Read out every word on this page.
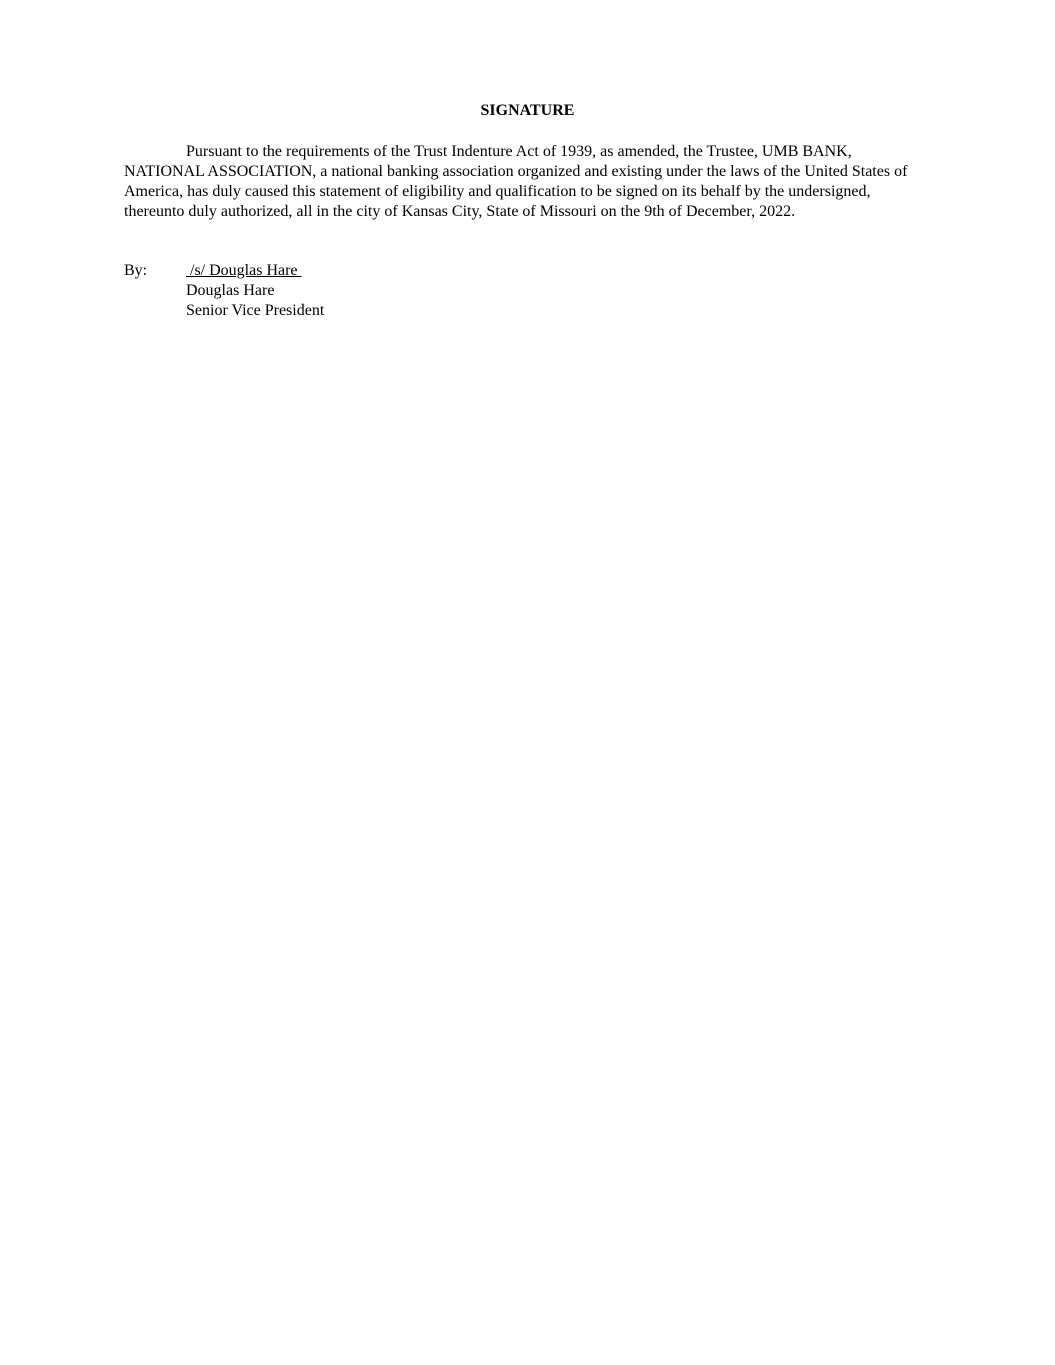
SIGNATURE

Pursuant to the requirements of the Trust Indenture Act of 1939, as amended, the Trustee, UMB BANK, NATIONAL ASSOCIATION, a national banking association organized and existing under the laws of the United States of America, has duly caused this statement of eligibility and qualification to be signed on its behalf by the undersigned, thereunto duly authorized, all in the city of Kansas City, State of Missouri on the 9th of December, 2022.

By:	/s/ Douglas Hare
Douglas Hare
Senior Vice President
